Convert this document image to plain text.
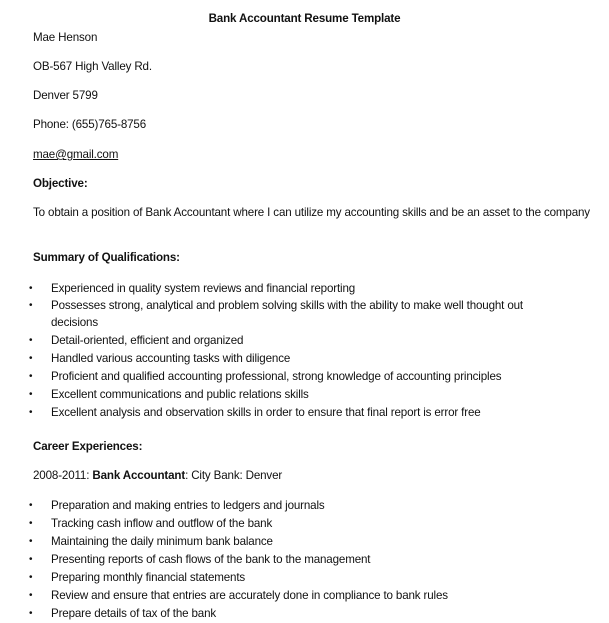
Bank Accountant Resume Template
Mae Henson
OB-567 High Valley Rd.
Denver 5799
Phone: (655)765-8756
mae@gmail.com
Objective:
To obtain a position of Bank Accountant where I can utilize my accounting skills and be an asset to the company
Summary of Qualifications:
• Experienced in quality system reviews and financial reporting
• Possesses strong, analytical and problem solving skills with the ability to make well thought out
decisions
• Detail-oriented, efficient and organized
• Handled various accounting tasks with diligence
• Proficient and qualified accounting professional, strong knowledge of accounting principles
• Excellent communications and public relations skills
• Excellent analysis and observation skills in order to ensure that final report is error free
Career Experiences:
2008-2011: Bank Accountant: City Bank: Denver
• Preparation and making entries to ledgers and journals
• Tracking cash inflow and outflow of the bank
• Maintaining the daily minimum bank balance
• Presenting reports of cash flows of the bank to the management
• Preparing monthly financial statements
• Review and ensure that entries are accurately done in compliance to bank rules
• Prepare details of tax of the bank
